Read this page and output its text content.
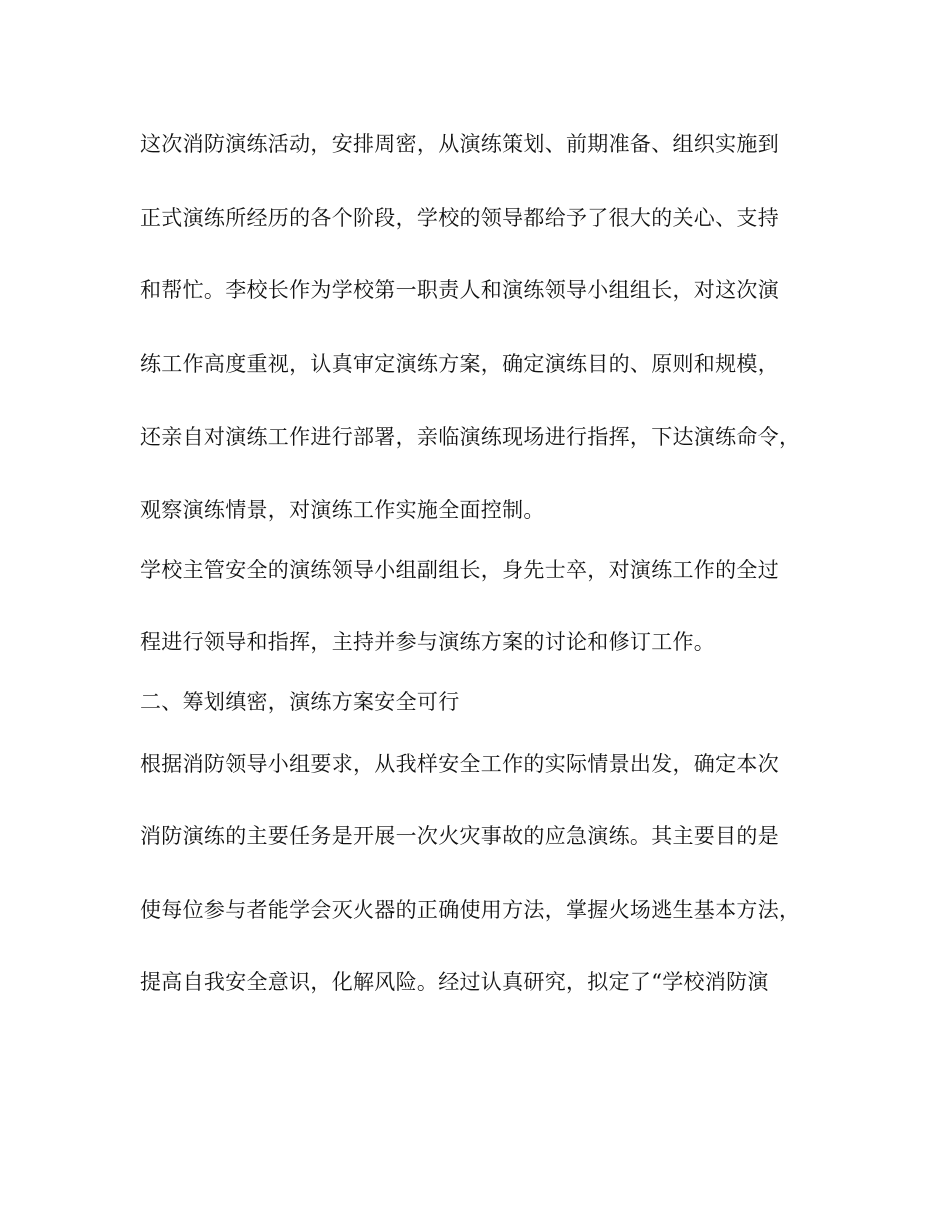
这次消防演练活动，安排周密，从演练策划、前期准备、组织实施到
正式演练所经历的各个阶段，学校的领导都给予了很大的关心、支持
和帮忙。李校长作为学校第一职责人和演练领导小组组长，对这次演
练工作高度重视，认真审定演练方案，确定演练目的、原则和规模，
还亲自对演练工作进行部署，亲临演练现场进行指挥，下达演练命令，
观察演练情景，对演练工作实施全面控制。
学校主管安全的演练领导小组副组长，身先士卒，对演练工作的全过
程进行领导和指挥，主持并参与演练方案的讨论和修订工作。
二、筹划缜密，演练方案安全可行
根据消防领导小组要求，从我样安全工作的实际情景出发，确定本次
消防演练的主要任务是开展一次火灾事故的应急演练。其主要目的是
使每位参与者能学会灭火器的正确使用方法，掌握火场逃生基本方法，
提高自我安全意识，化解风险。经过认真研究，拟定了“学校消防演
